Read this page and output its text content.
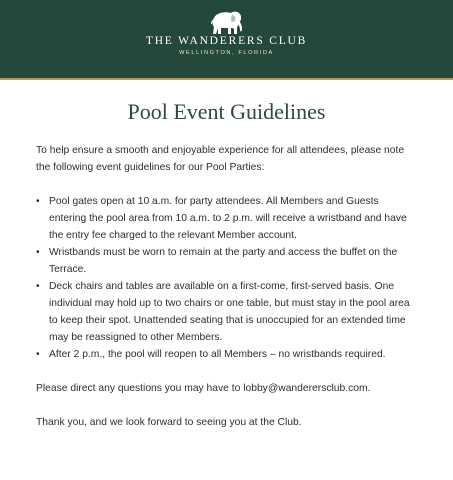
THE WANDERERS CLUB
WELLINGTON, FLORIDA
Pool Event Guidelines

To help ensure a smooth and enjoyable experience for all attendees, please note the following event guidelines for our Pool Parties:

• Pool gates open at 10 a.m. for party attendees. All Members and Guests entering the pool area from 10 a.m. to 2 p.m. will receive a wristband and have the entry fee charged to the relevant Member account.
• Wristbands must be worn to remain at the party and access the buffet on the Terrace.
• Deck chairs and tables are available on a first-come, first-served basis. One individual may hold up to two chairs or one table, but must stay in the pool area to keep their spot. Unattended seating that is unoccupied for an extended time may be reassigned to other Members.
• After 2 p.m., the pool will reopen to all Members – no wristbands required.

Please direct any questions you may have to lobby@wanderersclub.com.

Thank you, and we look forward to seeing you at the Club.
